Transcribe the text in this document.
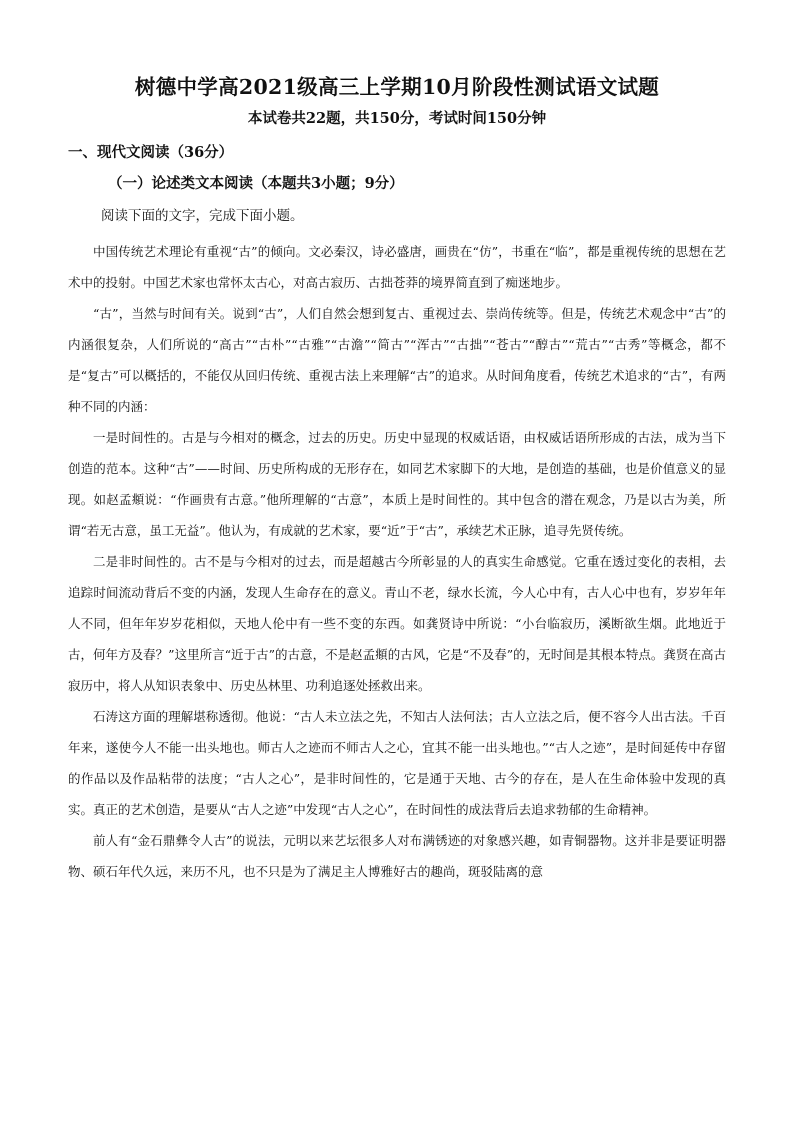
树德中学高2021级高三上学期10月阶段性测试语文试题
本试卷共22题，共150分，考试时间150分钟
一、现代文阅读（36分）
（一）论述类文本阅读（本题共3小题；9分）
阅读下面的文字，完成下面小题。

中国传统艺术理论有重视“古”的倾向。文必秦汉，诗必盛唐，画贵在“仿”，书重在“临”，都是重视传统的思想在艺术中的投射。中国艺术家也常怀太古心，对高古寂历、古拙苍莽的境界简直到了痴迷地步。

“古”，当然与时间有关。说到“古”，人们自然会想到复古、重视过去、崇尚传统等。但是，传统艺术观念中“古”的内涵很复杂，人们所说的“高古”“古朴”“古雅”“古澹”“简古”“浑古”“古拙”“苍古”“醇古”“荒古”“古秀”等概念，都不是“复古”可以概括的，不能仅从回归传统、重视古法上来理解“古”的追求。从时间角度看，传统艺术追求的“古”，有两种不同的内涵：

一是时间性的。古是与今相对的概念，过去的历史。历史中显现的权威话语，由权威话语所形成的古法，成为当下创造的范本。这种“古”——时间、历史所构成的无形存在，如同艺术家脚下的大地，是创造的基础，也是价值意义的显现。如赵孟頫说：“作画贵有古意。”他所理解的“古意”，本质上是时间性的。其中包含的潜在观念，乃是以古为美，所谓“若无古意，虽工无益”。他认为，有成就的艺术家，要“近”于“古”，承续艺术正脉，追寻先贤传统。

二是非时间性的。古不是与今相对的过去，而是超越古今所彰显的人的真实生命感觉。它重在透过变化的表相，去追踪时间流动背后不变的内涵，发现人生命存在的意义。青山不老，绿水长流，今人心中有，古人心中也有，岁岁年年人不同，但年年岁岁花相似，天地人伦中有一些不变的东西。如龚贤诗中所说：“小台临寂历，溪断欲生烟。此地近于古，何年方及春？”这里所言“近于古”的古意，不是赵孟頫的古风，它是“不及春”的，无时间是其根本特点。龚贤在高古寂历中，将人从知识表象中、历史丛林里、功利追逐处拯救出来。

石涛这方面的理解堪称透彻。他说：“古人未立法之先，不知古人法何法；古人立法之后，便不容今人出古法。千百年来，遂使今人不能一出头地也。师古人之迹而不师古人之心，宜其不能一出头地也。”“古人之迹”，是时间延传中存留的作品以及作品粘带的法度；“古人之心”，是非时间性的，它是通于天地、古今的存在，是人在生命体验中发现的真实。真正的艺术创造，是要从“古人之迹”中发现“古人之心”，在时间性的成法背后去追求勃郁的生命精神。

前人有“金石鼎彝令人古”的说法，元明以来艺坛很多人对布满锈迹的对象感兴趣，如青铜器物。这并非是要证明器物、硕石年代久远，来历不凡，也不只是为了满足主人博雅好古的趣尚，斑驳陆离的意
